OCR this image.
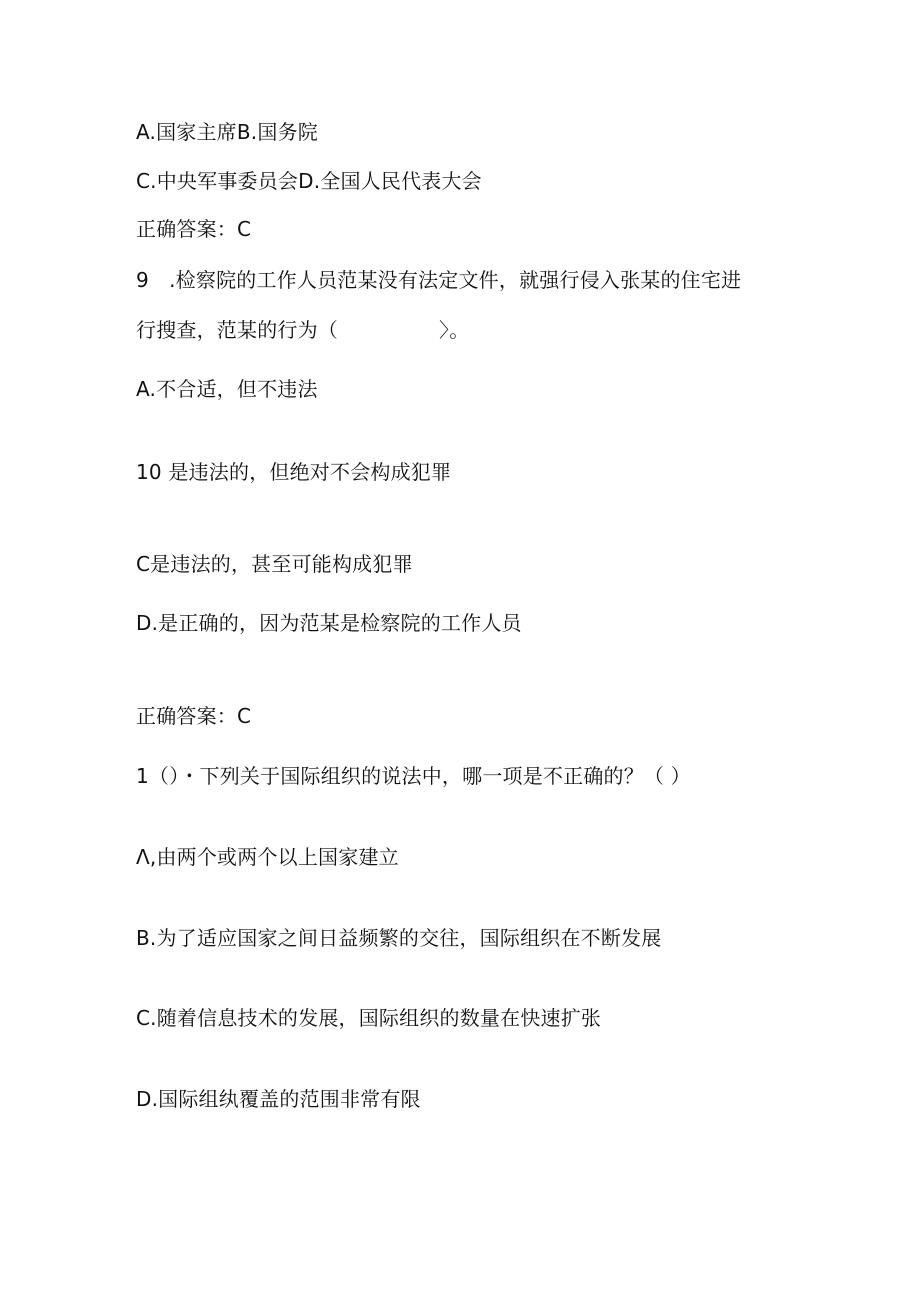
A.国家主席B.国务院
C.中央军事委员会D.全国人民代表大会
正确答案：C
9　.检察院的工作人员范某没有法定文件，就强行侵入张某的住宅进
行搜查，范某的行为（　　　　　〉。
A.不合适，但不违法
10 是违法的，但绝对不会构成犯罪
C是违法的，甚至可能构成犯罪
D.是正确的，因为范某是检察院的工作人员
正确答案：C
1（）・下列关于国际组织的说法中，哪一项是不正确的？（ ）
Λ,由两个或两个以上国家建立
B.为了适应国家之间日益频繁的交往，国际组织在不断发展
C.随着信息技术的发展，国际组织的数量在快速扩张
D.国际组纨覆盖的范围非常有限
